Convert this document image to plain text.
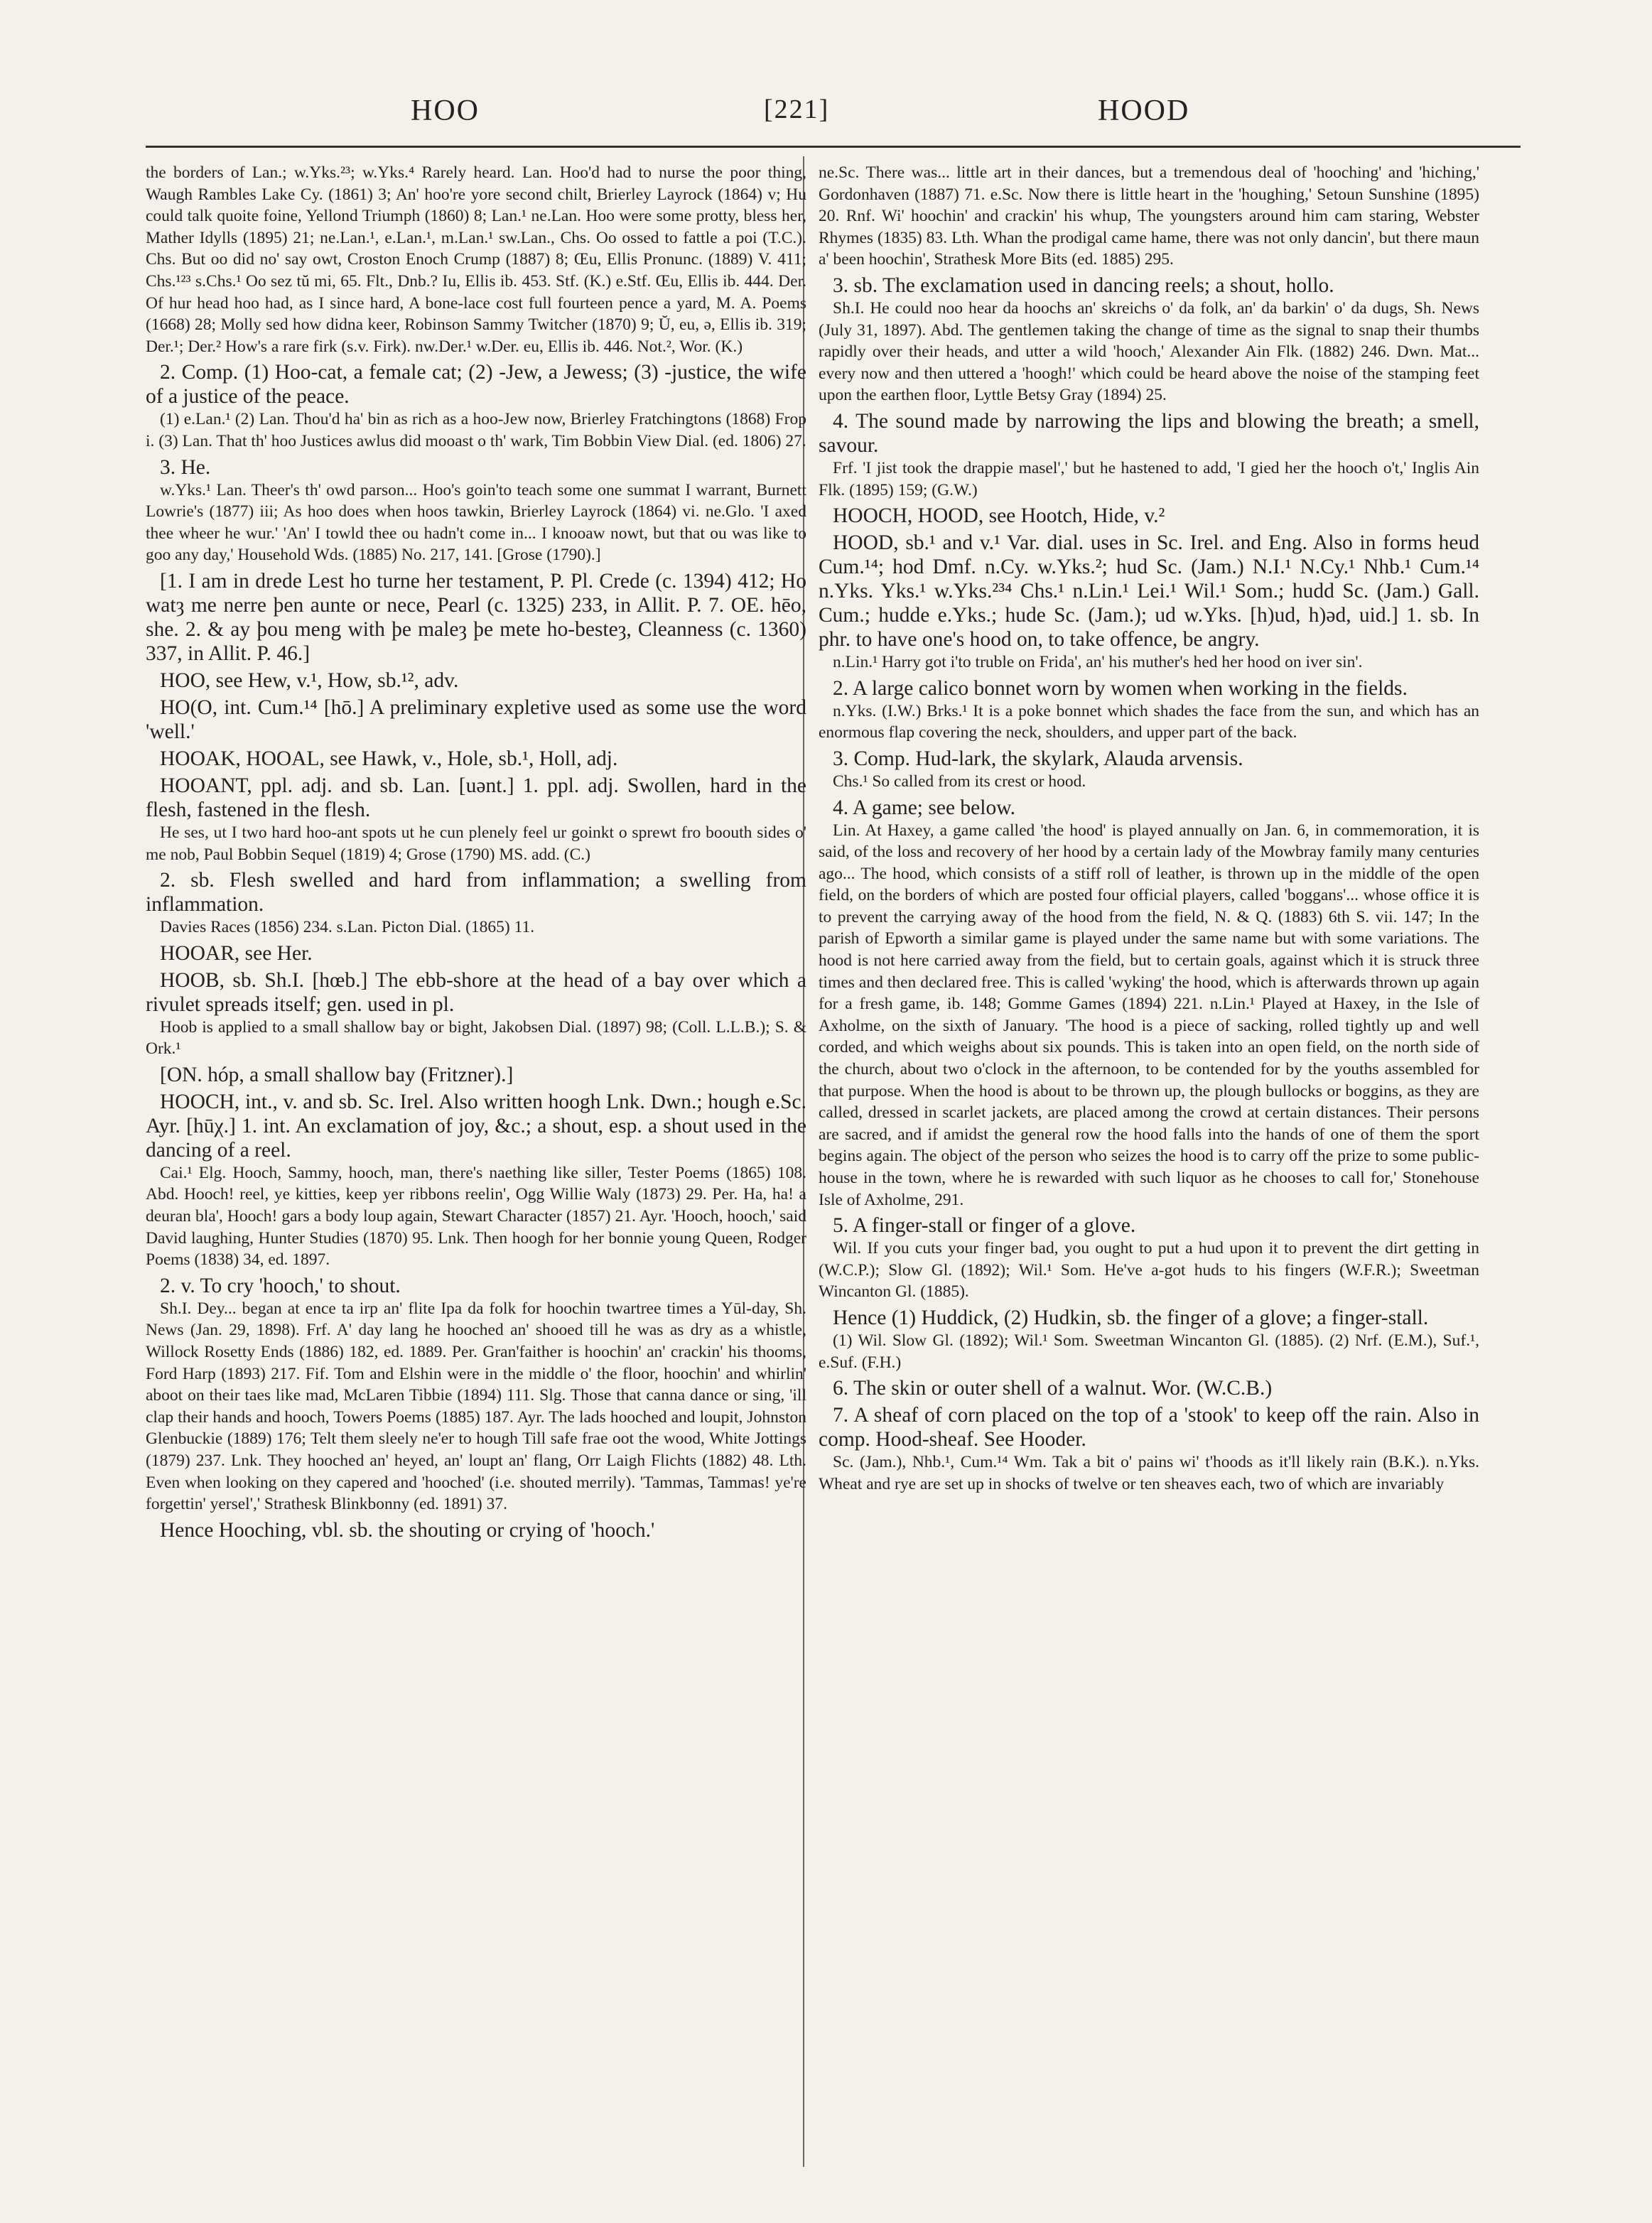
HOO	[221]	HOOD

the borders of Lan.; w.Yks.²³; w.Yks.⁴ Rarely heard. Lan. Hoo'd had to nurse the poor thing, Waugh Rambles Lake Cy. (1861) 3; An' hoo're yore second chilt, Brierley Layrock (1864) v; Hu could talk quoite foine, Yellond Triumph (1860) 8; Lan.¹ ne.Lan. Hoo were some protty, bless her, Mather Idylls (1895) 21; ne.Lan.¹, e.Lan.¹, m.Lan.¹ sw.Lan., Chs. Oo ossed to fattle a poi (T.C.). Chs. But oo did no' say owt, Croston Enoch Crump (1887) 8; Œu, Ellis Pronunc. (1889) V. 411; Chs.¹²³ s.Chs.¹ Oo sez tŭ mi, 65. Flt., Dnb.? Iu, Ellis ib. 453. Stf. (K.) e.Stf. Œu, Ellis ib. 444. Der. Of hur head hoo had, as I since hard, A bone-lace cost full fourteen pence a yard, M. A. Poems (1668) 28; Molly sed how didna keer, Robinson Sammy Twitcher (1870) 9; Ŭ, eu, ə, Ellis ib. 319; Der.¹; Der.² How's a rare firk (s.v. Firk). nw.Der.¹ w.Der. eu, Ellis ib. 446. Not.², Wor. (K.)

2. Comp. (1) Hoo-cat, a female cat; (2) -Jew, a Jewess; (3) -justice, the wife of a justice of the peace.

(1) e.Lan.¹ (2) Lan. Thou'd ha' bin as rich as a hoo-Jew now, Brierley Fratchingtons (1868) Frop i. (3) Lan. That th' hoo Justices awlus did mooast o th' wark, Tim Bobbin View Dial. (ed. 1806) 27.

3. He.

w.Yks.¹ Lan. Theer's th' owd parson... Hoo's goin'to teach some one summat I warrant, Burnett Lowrie's (1877) iii; As hoo does when hoos tawkin, Brierley Layrock (1864) vi. ne.Glo. 'I axed thee wheer he wur.' 'An' I towld thee ou hadn't come in... I knooaw nowt, but that ou was like to goo any day,' Household Wds. (1885) No. 217, 141. [Grose (1790).]

[1. I am in drede Lest ho turne her testament, P. Pl. Crede (c. 1394) 412; Ho watȝ me nerre þen aunte or nece, Pearl (c. 1325) 233, in Allit. P. 7. OE. hēo, she. 2. & ay þou meng with þe maleȝ þe mete ho-besteȝ, Cleanness (c. 1360) 337, in Allit. P. 46.]

HOO, see Hew, v.¹, How, sb.¹², adv.

HO(O, int. Cum.¹⁴ [hō.] A preliminary expletive used as some use the word 'well.'

HOOAK, HOOAL, see Hawk, v., Hole, sb.¹, Holl, adj.

HOOANT, ppl. adj. and sb. Lan. [uənt.] 1. ppl. adj. Swollen, hard in the flesh, fastened in the flesh.

He ses, ut I two hard hoo-ant spots ut he cun plenely feel ur goinkt o sprewt fro boouth sides o' me nob, Paul Bobbin Sequel (1819) 4; Grose (1790) MS. add. (C.)

2. sb. Flesh swelled and hard from inflammation; a swelling from inflammation.

Davies Races (1856) 234. s.Lan. Picton Dial. (1865) 11.

HOOAR, see Her.

HOOB, sb. Sh.I. [hœb.] The ebb-shore at the head of a bay over which a rivulet spreads itself; gen. used in pl.

Hoob is applied to a small shallow bay or bight, Jakobsen Dial. (1897) 98; (Coll. L.L.B.); S. & Ork.¹

[ON. hóp, a small shallow bay (Fritzner).]

HOOCH, int., v. and sb. Sc. Irel. Also written hoogh Lnk. Dwn.; hough e.Sc. Ayr. [hūχ.] 1. int. An exclamation of joy, &c.; a shout, esp. a shout used in the dancing of a reel.

Cai.¹ Elg. Hooch, Sammy, hooch, man, there's naething like siller, Tester Poems (1865) 108. Abd. Hooch! reel, ye kitties, keep yer ribbons reelin', Ogg Willie Waly (1873) 29. Per. Ha, ha! a deuran bla', Hooch! gars a body loup again, Stewart Character (1857) 21. Ayr. 'Hooch, hooch,' said David laughing, Hunter Studies (1870) 95. Lnk. Then hoogh for her bonnie young Queen, Rodger Poems (1838) 34, ed. 1897.

2. v. To cry 'hooch,' to shout.

Sh.I. Dey... began at ence ta irp an' flite Ipa da folk for hoochin twartree times a Yūl-day, Sh. News (Jan. 29, 1898). Frf. A' day lang he hooched an' shooed till he was as dry as a whistle, Willock Rosetty Ends (1886) 182, ed. 1889. Per. Gran'faither is hoochin' an' crackin' his thooms, Ford Harp (1893) 217. Fif. Tom and Elshin were in the middle o' the floor, hoochin' and whirlin' aboot on their taes like mad, McLaren Tibbie (1894) 111. Slg. Those that canna dance or sing, 'ill clap their hands and hooch, Towers Poems (1885) 187. Ayr. The lads hooched and loupit, Johnston Glenbuckie (1889) 176; Telt them sleely ne'er to hough Till safe frae oot the wood, White Jottings (1879) 237. Lnk. They hooched an' heyed, an' loupt an' flang, Orr Laigh Flichts (1882) 48. Lth. Even when looking on they capered and 'hooched' (i.e. shouted merrily). 'Tammas, Tammas! ye're forgettin' yersel',' Strathesk Blinkbonny (ed. 1891) 37.

Hence Hooching, vbl. sb. the shouting or crying of 'hooch.'

ne.Sc. There was... little art in their dances, but a tremendous deal of 'hooching' and 'hiching,' Gordonhaven (1887) 71. e.Sc. Now there is little heart in the 'houghing,' Setoun Sunshine (1895) 20. Rnf. Wi' hoochin' and crackin' his whup, The youngsters around him cam staring, Webster Rhymes (1835) 83. Lth. Whan the prodigal came hame, there was not only dancin', but there maun a' been hoochin', Strathesk More Bits (ed. 1885) 295.

3. sb. The exclamation used in dancing reels; a shout, hollo.

Sh.I. He could noo hear da hoochs an' skreichs o' da folk, an' da barkin' o' da dugs, Sh. News (July 31, 1897). Abd. The gentlemen taking the change of time as the signal to snap their thumbs rapidly over their heads, and utter a wild 'hooch,' Alexander Ain Flk. (1882) 246. Dwn. Mat... every now and then uttered a 'hoogh!' which could be heard above the noise of the stamping feet upon the earthen floor, Lyttle Betsy Gray (1894) 25.

4. The sound made by narrowing the lips and blowing the breath; a smell, savour.

Frf. 'I jist took the drappie masel',' but he hastened to add, 'I gied her the hooch o't,' Inglis Ain Flk. (1895) 159; (G.W.)

HOOCH, HOOD, see Hootch, Hide, v.²

HOOD, sb.¹ and v.¹ Var. dial. uses in Sc. Irel. and Eng. Also in forms heud Cum.¹⁴; hod Dmf. n.Cy. w.Yks.²; hud Sc. (Jam.) N.I.¹ N.Cy.¹ Nhb.¹ Cum.¹⁴ n.Yks. Yks.¹ w.Yks.²³⁴ Chs.¹ n.Lin.¹ Lei.¹ Wil.¹ Som.; hudd Sc. (Jam.) Gall. Cum.; hudde e.Yks.; hude Sc. (Jam.); ud w.Yks. [h)ud, h)əd, uid.] 1. sb. In phr. to have one's hood on, to take offence, be angry.

n.Lin.¹ Harry got i'to truble on Frida', an' his muther's hed her hood on iver sin'.

2. A large calico bonnet worn by women when working in the fields.

n.Yks. (I.W.) Brks.¹ It is a poke bonnet which shades the face from the sun, and which has an enormous flap covering the neck, shoulders, and upper part of the back.

3. Comp. Hud-lark, the skylark, Alauda arvensis.

Chs.¹ So called from its crest or hood.

4. A game; see below.

Lin. At Haxey, a game called 'the hood' is played annually on Jan. 6, in commemoration, it is said, of the loss and recovery of her hood by a certain lady of the Mowbray family many centuries ago... The hood, which consists of a stiff roll of leather, is thrown up in the middle of the open field, on the borders of which are posted four official players, called 'boggans'... whose office it is to prevent the carrying away of the hood from the field, N. & Q. (1883) 6th S. vii. 147; In the parish of Epworth a similar game is played under the same name but with some variations. The hood is not here carried away from the field, but to certain goals, against which it is struck three times and then declared free. This is called 'wyking' the hood, which is afterwards thrown up again for a fresh game, ib. 148; Gomme Games (1894) 221. n.Lin.¹ Played at Haxey, in the Isle of Axholme, on the sixth of January. 'The hood is a piece of sacking, rolled tightly up and well corded, and which weighs about six pounds. This is taken into an open field, on the north side of the church, about two o'clock in the afternoon, to be contended for by the youths assembled for that purpose. When the hood is about to be thrown up, the plough bullocks or boggins, as they are called, dressed in scarlet jackets, are placed among the crowd at certain distances. Their persons are sacred, and if amidst the general row the hood falls into the hands of one of them the sport begins again. The object of the person who seizes the hood is to carry off the prize to some public-house in the town, where he is rewarded with such liquor as he chooses to call for,' Stonehouse Isle of Axholme, 291.

5. A finger-stall or finger of a glove.

Wil. If you cuts your finger bad, you ought to put a hud upon it to prevent the dirt getting in (W.C.P.); Slow Gl. (1892); Wil.¹ Som. He've a-got huds to his fingers (W.F.R.); Sweetman Wincanton Gl. (1885).

Hence (1) Huddick, (2) Hudkin, sb. the finger of a glove; a finger-stall.

(1) Wil. Slow Gl. (1892); Wil.¹ Som. Sweetman Wincanton Gl. (1885). (2) Nrf. (E.M.), Suf.¹, e.Suf. (F.H.)

6. The skin or outer shell of a walnut. Wor. (W.C.B.)

7. A sheaf of corn placed on the top of a 'stook' to keep off the rain. Also in comp. Hood-sheaf. See Hooder.

Sc. (Jam.), Nhb.¹, Cum.¹⁴ Wm. Tak a bit o' pains wi' t'hoods as it'll likely rain (B.K.). n.Yks. Wheat and rye are set up in shocks of twelve or ten sheaves each, two of which are invariably
